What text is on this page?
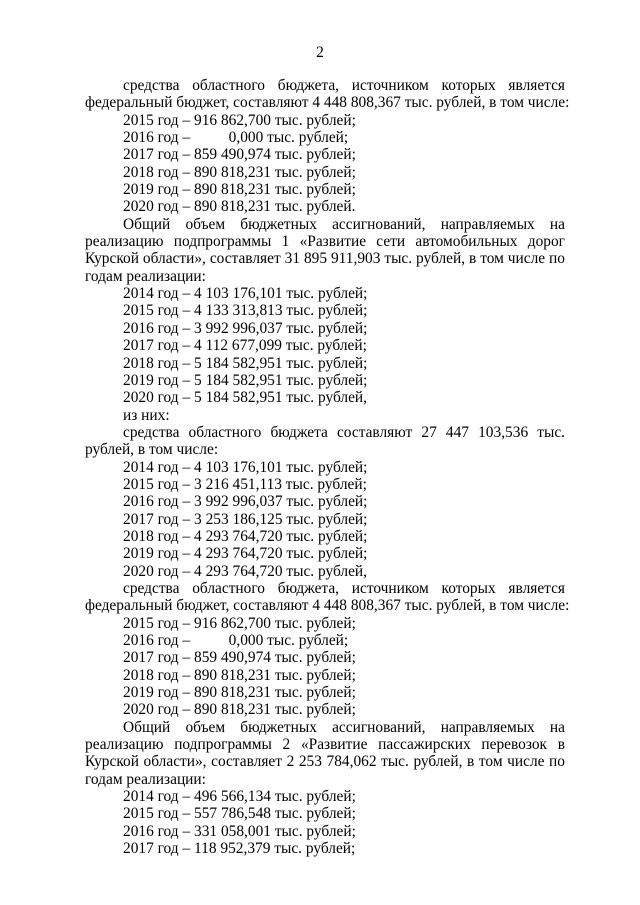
2
средства областного бюджета, источником которых является
федеральный бюджет, составляют 4 448 808,367 тыс. рублей, в том числе:
2015 год – 916 862,700 тыс. рублей;
2016 год –          0,000 тыс. рублей;
2017 год – 859 490,974 тыс. рублей;
2018 год – 890 818,231 тыс. рублей;
2019 год – 890 818,231 тыс. рублей;
2020 год – 890 818,231 тыс. рублей.
Общий объем бюджетных ассигнований, направляемых на
реализацию подпрограммы 1 «Развитие сети автомобильных дорог
Курской области», составляет 31 895 911,903 тыс. рублей, в том числе по
годам реализации:
2014 год – 4 103 176,101 тыс. рублей;
2015 год – 4 133 313,813 тыс. рублей;
2016 год – 3 992 996,037 тыс. рублей;
2017 год – 4 112 677,099 тыс. рублей;
2018 год – 5 184 582,951 тыс. рублей;
2019 год – 5 184 582,951 тыс. рублей;
2020 год – 5 184 582,951 тыс. рублей,
из них:
средства областного бюджета составляют 27 447 103,536 тыс.
рублей, в том числе:
2014 год – 4 103 176,101 тыс. рублей;
2015 год – 3 216 451,113 тыс. рублей;
2016 год – 3 992 996,037 тыс. рублей;
2017 год – 3 253 186,125 тыс. рублей;
2018 год – 4 293 764,720 тыс. рублей;
2019 год – 4 293 764,720 тыс. рублей;
2020 год – 4 293 764,720 тыс. рублей,
средства областного бюджета, источником которых является
федеральный бюджет, составляют 4 448 808,367 тыс. рублей, в том числе:
2015 год – 916 862,700 тыс. рублей;
2016 год –          0,000 тыс. рублей;
2017 год – 859 490,974 тыс. рублей;
2018 год – 890 818,231 тыс. рублей;
2019 год – 890 818,231 тыс. рублей;
2020 год – 890 818,231 тыс. рублей;
Общий объем бюджетных ассигнований, направляемых на
реализацию подпрограммы 2 «Развитие пассажирских перевозок в
Курской области», составляет 2 253 784,062 тыс. рублей, в том числе по
годам реализации:
2014 год – 496 566,134 тыс. рублей;
2015 год – 557 786,548 тыс. рублей;
2016 год – 331 058,001 тыс. рублей;
2017 год – 118 952,379 тыс. рублей;
